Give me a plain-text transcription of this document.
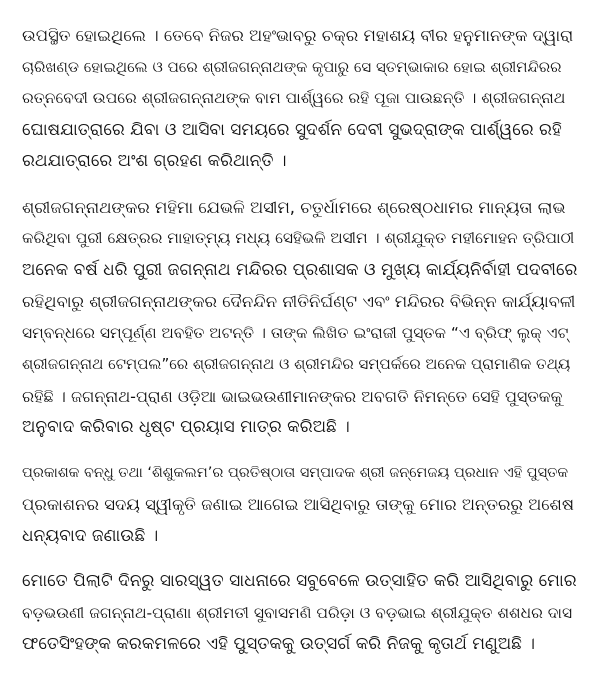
ଉପସ୍ଥିତ ହୋଇଥିଲେ । ତେବେ ନିଜର ଅହଂଭାବରୁ ଚକ୍ର ମହାଶୟ ବୀର ହନୁମାନଙ୍କ ଦ୍ୱାରା
ଚାରିଖଣ୍ଡ ହୋଇଥିଲେ ଓ ପରେ ଶ୍ରୀଜଗନ୍ନାଥଙ୍କ କୃପାରୁ ସେ ସ୍ତମ୍ଭାକାର ହୋଇ ଶ୍ରୀମନ୍ଦିରର
ରତ୍ନବେଦୀ ଉପରେ ଶ୍ରୀଜଗନ୍ନାଥଙ୍କ ବାମ ପାର୍ଶ୍ୱରେ ରହି ପୂଜା ପାଉଛନ୍ତି । ଶ୍ରୀଜଗନ୍ନାଥ
ଘୋଷଯାତ୍ରାରେ ଯିବା ଓ ଆସିବା ସମୟରେ ସୁଦର୍ଶନ ଦେବୀ ସୁଭଦ୍ରାଙ୍କ ପାର୍ଶ୍ୱରେ ରହି
ରଥଯାତ୍ରାରେ ଅଂଶ ଗ୍ରହଣ କରିଥାନ୍ତି ।
ଶ୍ରୀଜଗନ୍ନାଥଙ୍କର ମହିମା ଯେଭଳି ଅସୀମ, ଚତୁର୍ଧାମରେ ଶ୍ରେଷ୍ଠଧାମର ମାନ୍ୟତା ଲାଭ
କରିଥିବା ପୁରୀ କ୍ଷେତ୍ରର ମାହାତ୍ମ୍ୟ ମଧ୍ୟ ସେହିଭଳି ଅସୀମ । ଶ୍ରୀଯୁକ୍ତ ମହୀମୋହନ ତ୍ରିପାଠୀ
ଅନେକ ବର୍ଷ ଧରି ପୁରୀ ଜଗନ୍ନାଥ ମନ୍ଦିରର ପ୍ରଶାସକ ଓ ମୁଖ୍ୟ କାର୍ଯ୍ୟନିର୍ବାହୀ ପଦବୀରେ
ରହିଥିବାରୁ ଶ୍ରୀଜଗନ୍ନାଥଙ୍କର ଦୈନନ୍ଦିନ ନୀତିନିର୍ଘଣ୍ଟ ଏବଂ ମନ୍ଦିରର ବିଭିନ୍ନ କାର୍ଯ୍ୟାବଳୀ
ସମ୍ବନ୍ଧରେ ସମ୍ପୂର୍ଣ୍ଣ ଅବହିତ ଅଟନ୍ତି । ତାଙ୍କ ଲିଖିତ ଇଂରାଜୀ ପୁସ୍ତକ “ଏ ବ୍ରିଫ୍ ଲୁକ୍ ଏଟ୍
ଶ୍ରୀଜଗନ୍ନାଥ ଟେମ୍ପଲ”ରେ ଶ୍ରୀଜଗନ୍ନାଥ ଓ ଶ୍ରୀମନ୍ଦିର ସମ୍ପର୍କରେ ଅନେକ ପ୍ରାମାଣିକ ତଥ୍ୟ
ରହିଛି । ଜଗନ୍ନାଥ-ପ୍ରାଣ ଓଡ଼ିଆ ଭାଇଭଉଣୀମାନଙ୍କର ଅବଗତି ନିମନ୍ତେ ସେହି ପୁସ୍ତକକୁ
ଅନୁବାଦ କରିବାର ଧୃଷ୍ଟ ପ୍ରୟାସ ମାତ୍ର କରିଅଛି ।
ପ୍ରକାଶକ ବନ୍ଧୁ ତଥା ‘ଶିଶୁକଲମ’ର ପ୍ରତିଷ୍ଠାତା ସମ୍ପାଦକ ଶ୍ରୀ ଜନ୍ମେଜୟ ପ୍ରଧାନ ଏହି ପୁସ୍ତକ
ପ୍ରକାଶନର ସଦୟ ସ୍ୱୀକୃତି ଜଣାଇ ଆଗେଇ ଆସିଥିବାରୁ ତାଙ୍କୁ ମୋର ଅନ୍ତରରୁ ଅଶେଷ
ଧନ୍ୟବାଦ ଜଣାଉଛି ।
ମୋତେ ପିଲାଟି ଦିନରୁ ସାରସ୍ୱତ ସାଧନାରେ ସବୁବେଳେ ଉତ୍ସାହିତ କରି ଆସିଥିବାରୁ ମୋର
ବଡ଼ଭଉଣୀ ଜଗନ୍ନାଥ-ପ୍ରାଣା ଶ୍ରୀମତୀ ସୁବାସମଣି ପରିଡ଼ା ଓ ବଡ଼ଭାଇ ଶ୍ରୀଯୁକ୍ତ ଶଶଧର ଦାସ
ଫତେସିଂହଙ୍କ କରକମଳରେ ଏହି ପୁସ୍ତକକୁ ଉତ୍ସର୍ଗ କରି ନିଜକୁ କୃତାର୍ଥ ମଣୁଅଛି ।
